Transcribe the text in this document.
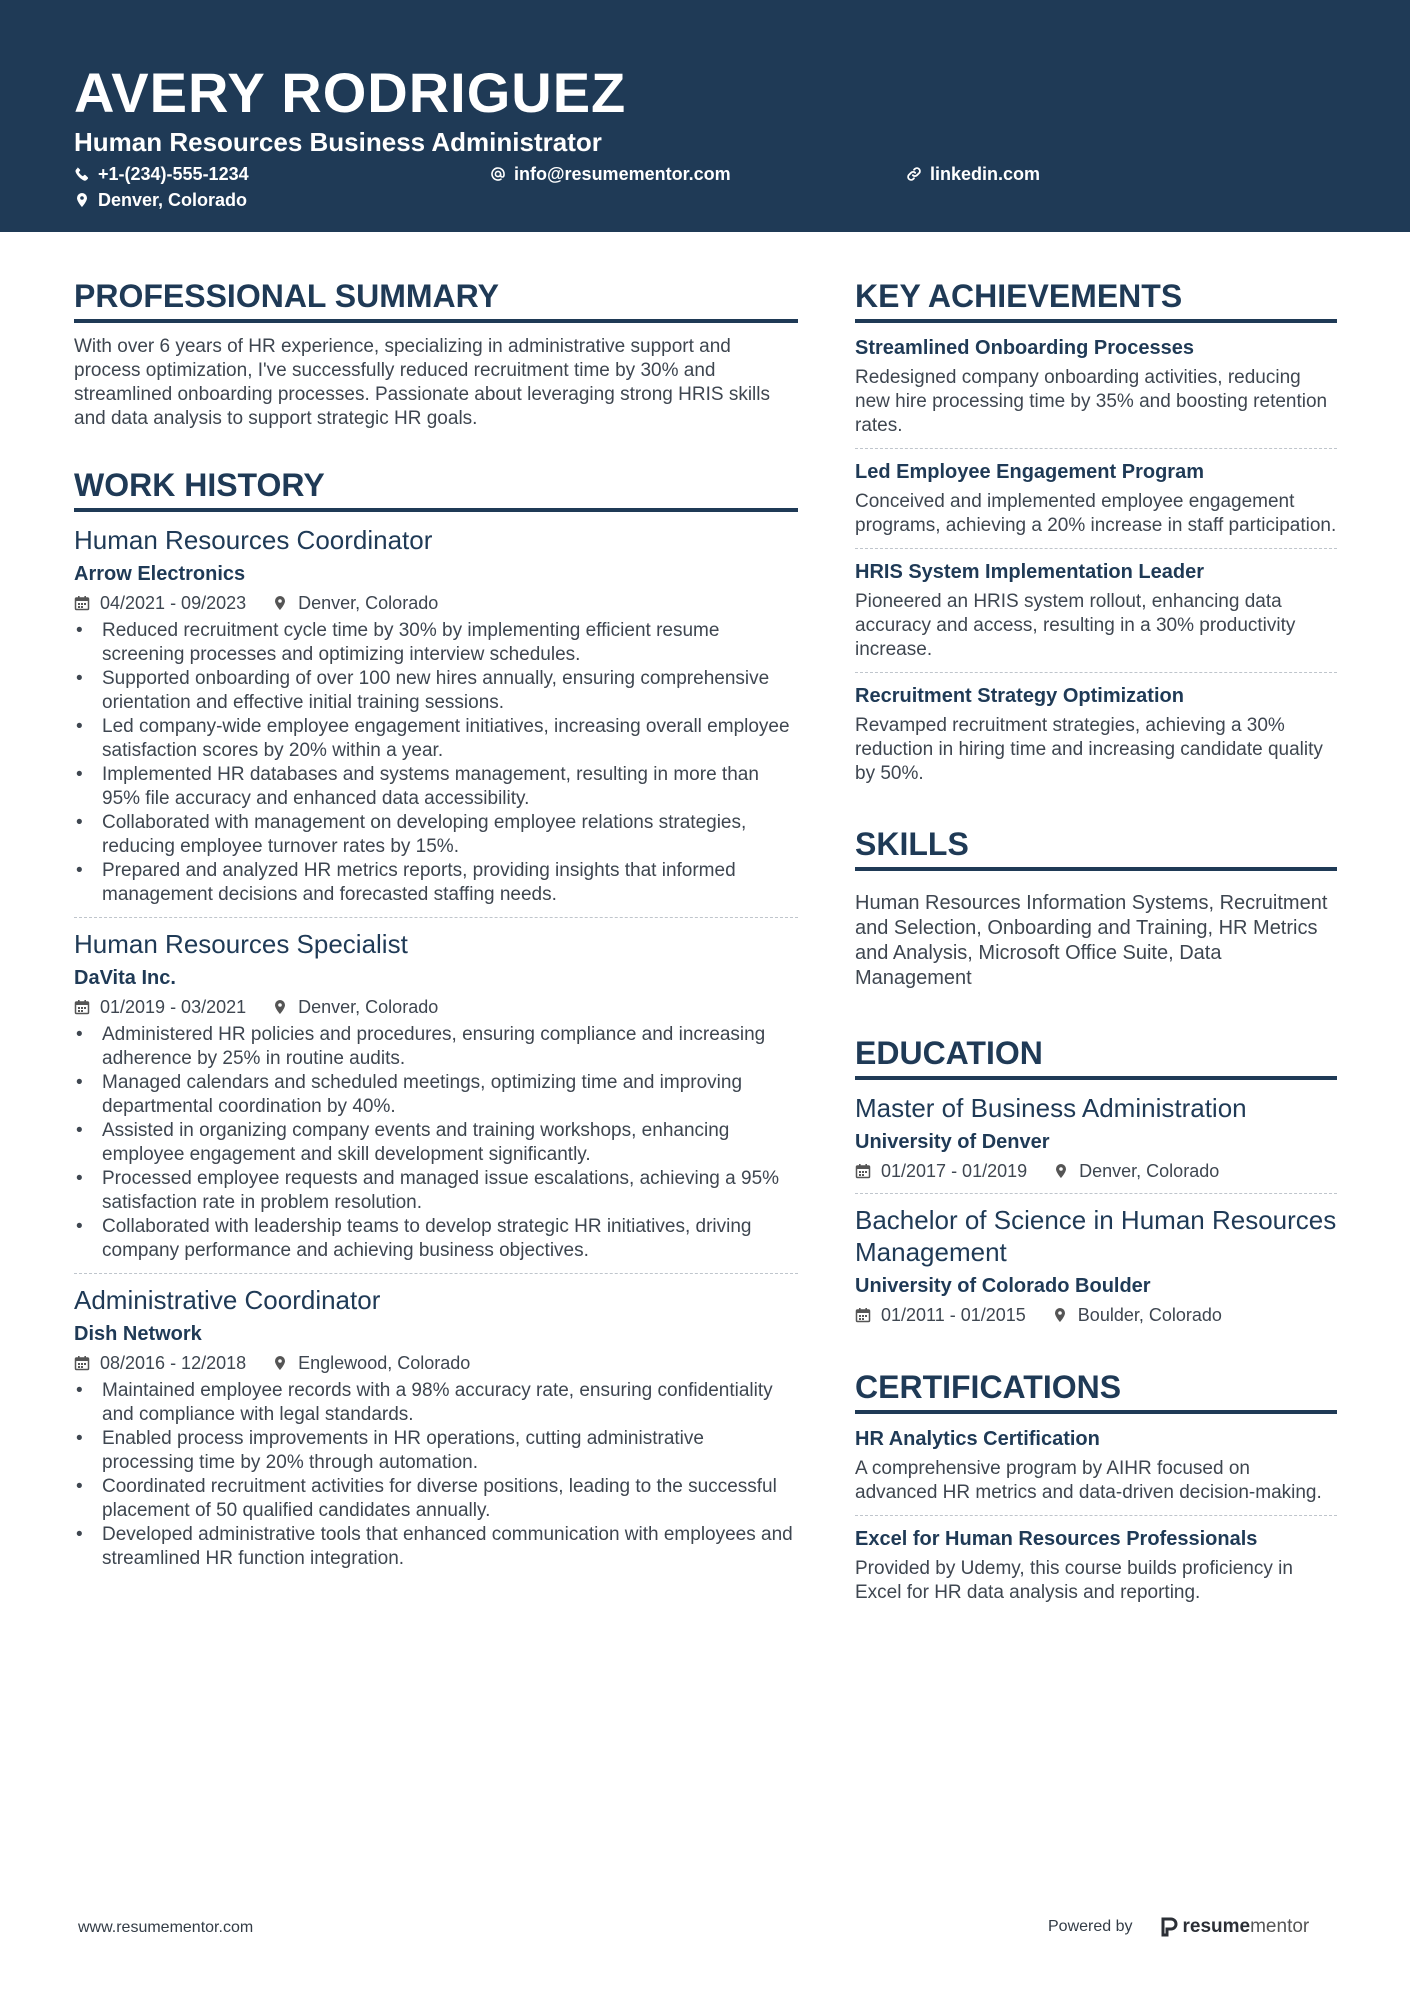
AVERY RODRIGUEZ
Human Resources Business Administrator
+1-(234)-555-1234	info@resumementor.com	linkedin.com
Denver, Colorado
PROFESSIONAL SUMMARY

With over 6 years of HR experience, specializing in administrative support and process optimization, I've successfully reduced recruitment time by 30% and streamlined onboarding processes. Passionate about leveraging strong HRIS skills and data analysis to support strategic HR goals.

WORK HISTORY
Human Resources Coordinator
Arrow Electronics
04/2021 - 09/2023	Denver, Colorado
• Reduced recruitment cycle time by 30% by implementing efficient resume screening processes and optimizing interview schedules.
• Supported onboarding of over 100 new hires annually, ensuring comprehensive orientation and effective initial training sessions.
• Led company-wide employee engagement initiatives, increasing overall employee satisfaction scores by 20% within a year.
• Implemented HR databases and systems management, resulting in more than 95% file accuracy and enhanced data accessibility.
• Collaborated with management on developing employee relations strategies, reducing employee turnover rates by 15%.
• Prepared and analyzed HR metrics reports, providing insights that informed management decisions and forecasted staffing needs.
Human Resources Specialist
DaVita Inc.
01/2019 - 03/2021	Denver, Colorado
• Administered HR policies and procedures, ensuring compliance and increasing adherence by 25% in routine audits.
• Managed calendars and scheduled meetings, optimizing time and improving departmental coordination by 40%.
• Assisted in organizing company events and training workshops, enhancing employee engagement and skill development significantly.
• Processed employee requests and managed issue escalations, achieving a 95% satisfaction rate in problem resolution.
• Collaborated with leadership teams to develop strategic HR initiatives, driving company performance and achieving business objectives.
Administrative Coordinator
Dish Network
08/2016 - 12/2018	Englewood, Colorado
• Maintained employee records with a 98% accuracy rate, ensuring confidentiality and compliance with legal standards.
• Enabled process improvements in HR operations, cutting administrative processing time by 20% through automation.
• Coordinated recruitment activities for diverse positions, leading to the successful placement of 50 qualified candidates annually.
• Developed administrative tools that enhanced communication with employees and streamlined HR function integration.
KEY ACHIEVEMENTS
Streamlined Onboarding Processes
Redesigned company onboarding activities, reducing new hire processing time by 35% and boosting retention rates.
Led Employee Engagement Program
Conceived and implemented employee engagement programs, achieving a 20% increase in staff participation.
HRIS System Implementation Leader
Pioneered an HRIS system rollout, enhancing data accuracy and access, resulting in a 30% productivity increase.
Recruitment Strategy Optimization
Revamped recruitment strategies, achieving a 30% reduction in hiring time and increasing candidate quality by 50%.
SKILLS

Human Resources Information Systems, Recruitment and Selection, Onboarding and Training, HR Metrics and Analysis, Microsoft Office Suite, Data Management

EDUCATION
Master of Business Administration
University of Denver
01/2017 - 01/2019	Denver, Colorado
Bachelor of Science in Human Resources Management
University of Colorado Boulder
01/2011 - 01/2015	Boulder, Colorado
CERTIFICATIONS
HR Analytics Certification
A comprehensive program by AIHR focused on advanced HR metrics and data-driven decision-making.
Excel for Human Resources Professionals
Provided by Udemy, this course builds proficiency in Excel for HR data analysis and reporting.
www.resumementor.com	Powered by	resume mentor
